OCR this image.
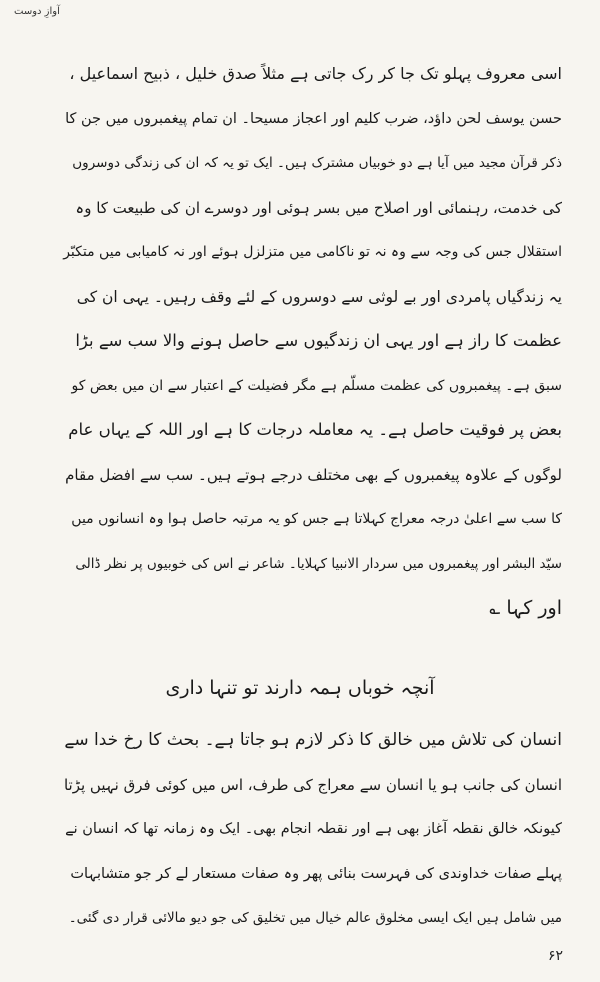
آوازِ دوست
اسی معروف پہلو تک جا کر رک جاتی ہے مثلاً صدق خلیل ، ذبیح اسماعیل ،
حسن یوسف لحن داؤد، ضرب کلیم اور اعجاز مسیحا۔ ان تمام پیغمبروں میں جن کا
ذکر قرآن مجید میں آیا ہے دو خوبیاں مشترک ہیں۔ ایک تو یہ کہ ان کی زندگی دوسروں
کی خدمت، رہنمائی اور اصلاح میں بسر ہوئی اور دوسرے ان کی طبیعت کا وہ
استقلال جس کی وجہ سے وہ نہ تو ناکامی میں متزلزل ہوئے اور نہ کامیابی میں متکبّر
یہ زندگیاں پامردی اور بے لوثی سے دوسروں کے لئے وقف رہیں۔ یہی ان کی
عظمت کا راز ہے اور یہی ان زندگیوں سے حاصل ہونے والا سب سے بڑا
سبق ہے۔ پیغمبروں کی عظمت مسلّم ہے مگر فضیلت کے اعتبار سے ان میں بعض کو
بعض پر فوقیت حاصل ہے۔ یہ معاملہ درجات کا ہے اور اللہ کے یہاں عام
لوگوں کے علاوہ پیغمبروں کے بھی مختلف درجے ہوتے ہیں۔ سب سے افضل مقام
کا سب سے اعلیٰ درجہ معراج کہلاتا ہے جس کو یہ مرتبہ حاصل ہوا وہ انسانوں میں
سیّد البشر اور پیغمبروں میں سردار الانبیا کہلایا۔ شاعر نے اس کی خوبیوں پر نظر ڈالی
اور کہا ؎
آنچہ خوباں ہمہ دارند تو تنہا داری
انسان کی تلاش میں خالق کا ذکر لازم ہو جاتا ہے۔ بحث کا رخ خدا سے
انسان کی جانب ہو یا انسان سے معراج کی طرف، اس میں کوئی فرق نہیں پڑتا
کیونکہ خالق نقطہ آغاز بھی ہے اور نقطہ انجام بھی۔ ایک وہ زمانہ تھا کہ انسان نے
پہلے صفات خداوندی کی فہرست بنائی پھر وہ صفات مستعار لے کر جو متشابہات
میں شامل ہیں ایک ایسی مخلوق عالم خیال میں تخلیق کی جو دیو مالائی قرار دی گئی۔
۶۲
